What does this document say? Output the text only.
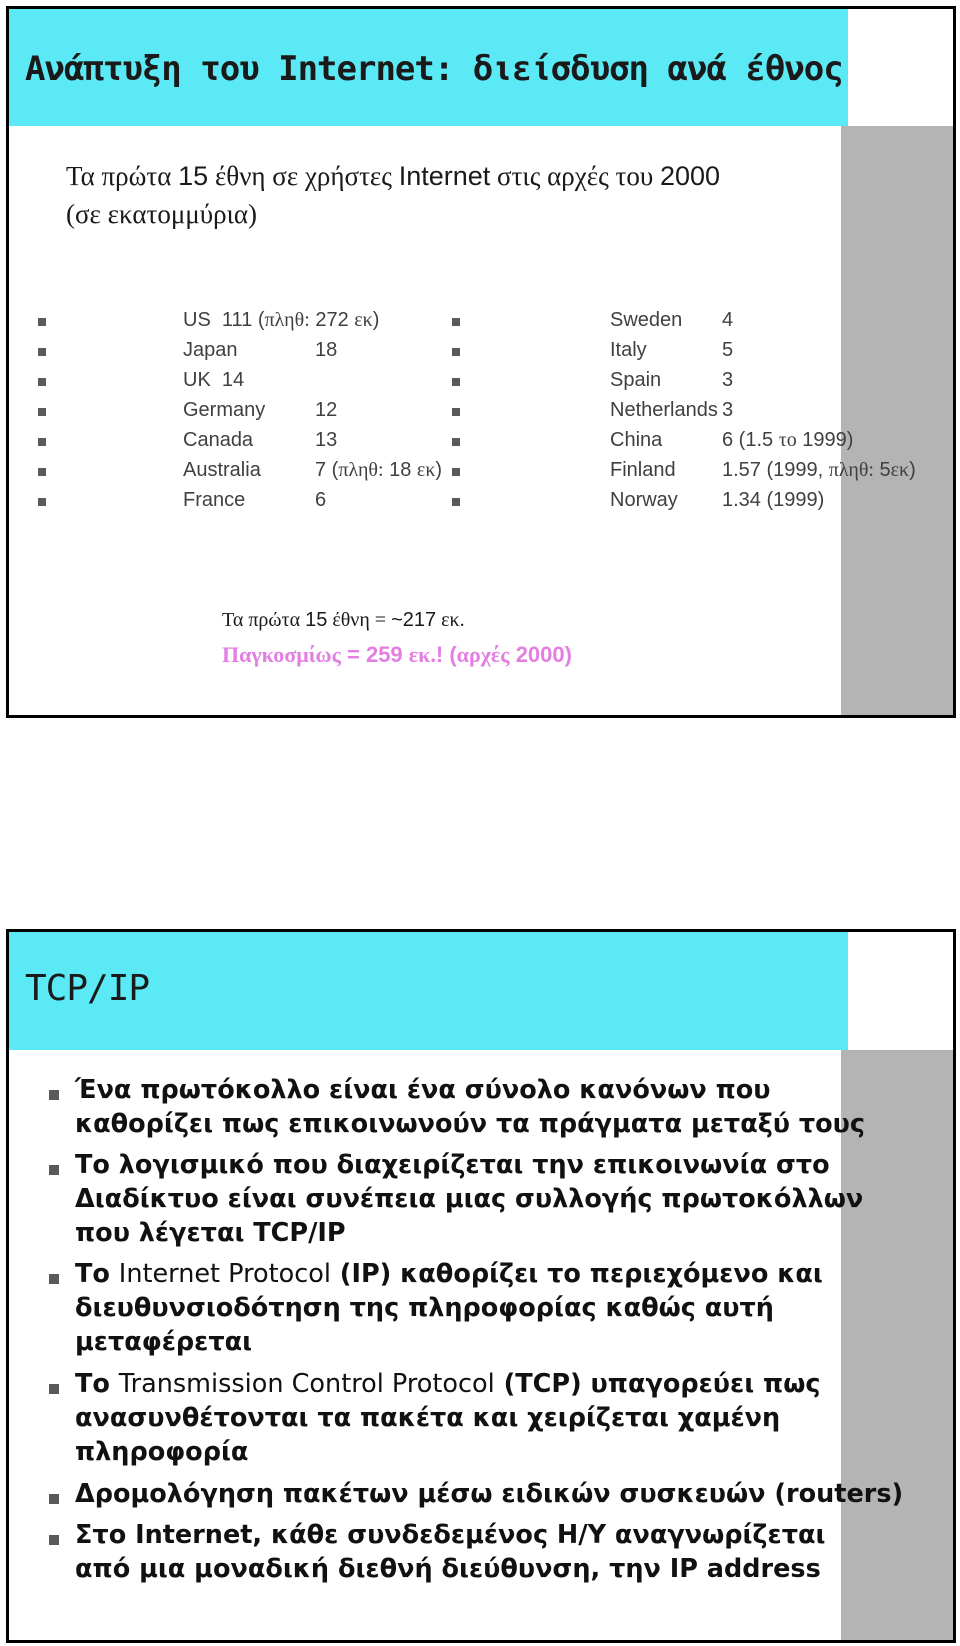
Ανάπτυξη του Internet: διείσδυση ανά έθνος
Τα πρώτα 15 έθνη σε χρήστες Internet στις αρχές του 2000
(σε εκατομμύρια)
US 111 (πληθ: 272 εκ)
Japan	18
UK 14
Germany 12
Canada	13
Australia	7 (πληθ: 18 εκ)
France	6
Sweden 4
Italy	5
Spain	3
Netherlands 3
China	6 (1.5 το 1999)
Finland 1.57 (1999, πληθ: 5εκ)
Norway 1.34 (1999)
Τα πρώτα 15 έθνη = ~217 εκ.
Παγκοσμίως = 259 εκ.! (αρχές 2000)
TCP/IP
Ένα πρωτόκολλο είναι ένα σύνολο κανόνων που
καθορίζει πως επικοινωνούν τα πράγματα μεταξύ τους
Το λογισμικό που διαχειρίζεται την επικοινωνία στο
Διαδίκτυο είναι συνέπεια μιας συλλογής πρωτοκόλλων
που λέγεται TCP/IP
Το Internet Protocol (IP) καθορίζει το περιεχόμενο και
διευθυνσιοδότηση της πληροφορίας καθώς αυτή
μεταφέρεται
Το Transmission Control Protocol (TCP) υπαγορεύει πως
ανασυνθέτονται τα πακέτα και χειρίζεται χαμένη
πληροφορία
Δρομολόγηση πακέτων μέσω ειδικών συσκευών (routers)
Στο Internet, κάθε συνδεδεμένος Η/Υ αναγνωρίζεται
από μια μοναδική διεθνή διεύθυνση, την IP address
